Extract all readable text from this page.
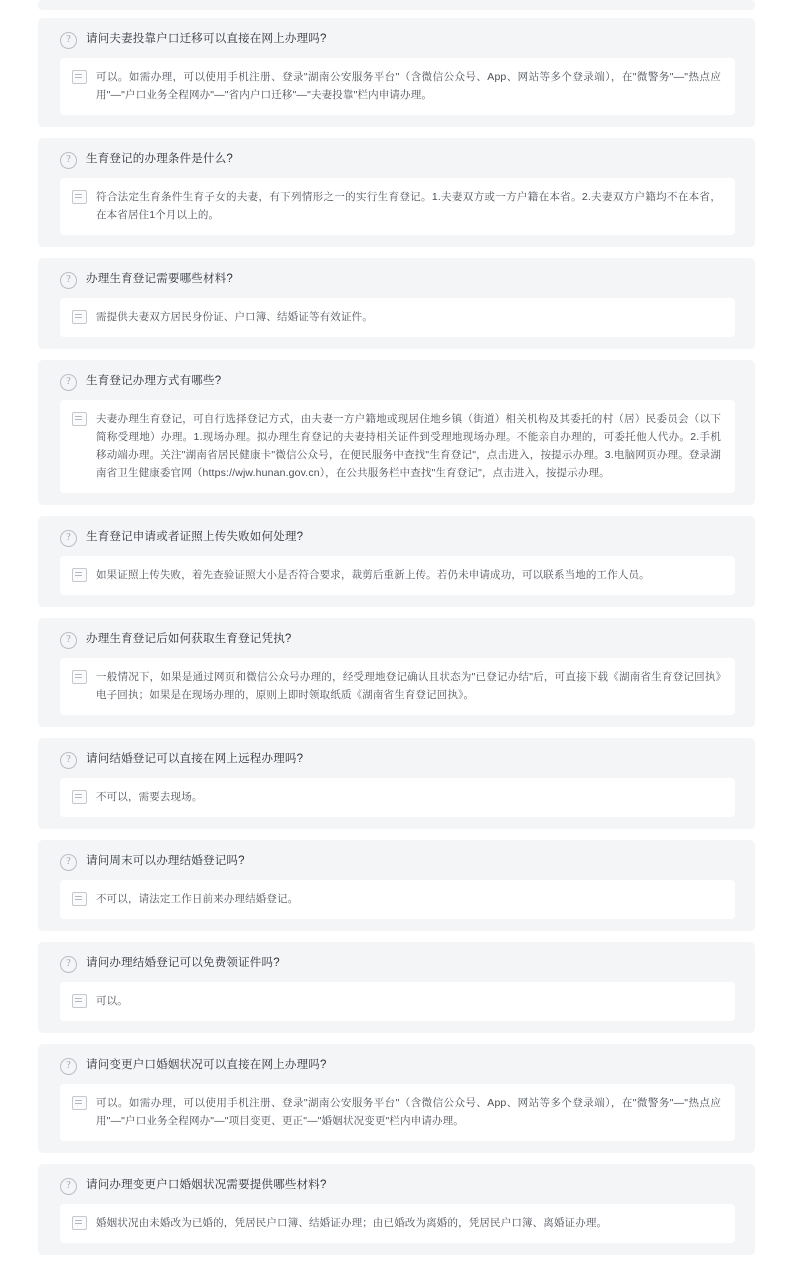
?	请问夫妻投靠户口迁移可以直接在网上办理吗?
可以。如需办理，可以使用手机注册、登录"湖南公安服务平台"（含微信公众号、App、网站等多个登录端），在"微警务"—"热点应用"—"户口业务全程网办"—"省内户口迁移"—"夫妻投靠"栏内申请办理。
?	生育登记的办理条件是什么?
符合法定生育条件生育子女的夫妻，有下列情形之一的实行生育登记。1.夫妻双方或一方户籍在本省。2.夫妻双方户籍均不在本省，在本省居住1个月以上的。
?	办理生育登记需要哪些材料?
需提供夫妻双方居民身份证、户口簿、结婚证等有效证件。
?	生育登记办理方式有哪些?
夫妻办理生育登记，可自行选择登记方式，由夫妻一方户籍地或现居住地乡镇（街道）相关机构及其委托的村（居）民委员会（以下简称受理地）办理。1.现场办理。拟办理生育登记的夫妻持相关证件到受理地现场办理。不能亲自办理的，可委托他人代办。2.手机移动端办理。关注"湖南省居民健康卡"微信公众号，在便民服务中查找"生育登记"，点击进入，按提示办理。3.电脑网页办理。登录湖南省卫生健康委官网（https://wjw.hunan.gov.cn），在公共服务栏中查找"生育登记"，点击进入，按提示办理。
?	生育登记申请或者证照上传失败如何处理?
如果证照上传失败，着先查验证照大小是否符合要求，裁剪后重新上传。若仍未申请成功，可以联系当地的工作人员。
?	办理生育登记后如何获取生育登记凭执?
一般情况下，如果是通过网页和微信公众号办理的，经受理地登记确认且状态为"已登记办结"后，可直接下载《湖南省生育登记回执》电子回执；如果是在现场办理的，原则上即时领取纸质《湖南省生育登记回执》。
?	请问结婚登记可以直接在网上远程办理吗?
不可以，需要去现场。
?	请问周末可以办理结婚登记吗?
不可以，请法定工作日前来办理结婚登记。
?	请问办理结婚登记可以免费领证件吗?
可以。
?	请问变更户口婚姻状况可以直接在网上办理吗?
可以。如需办理，可以使用手机注册、登录"湖南公安服务平台"（含微信公众号、App、网站等多个登录端），在"微警务"—"热点应用"—"户口业务全程网办"—"项目变更、更正"—"婚姻状况变更"栏内申请办理。
?	请问办理变更户口婚姻状况需要提供哪些材料?
婚姻状况由未婚改为已婚的，凭居民户口簿、结婚证办理；由已婚改为离婚的，凭居民户口簿、离婚证办理。
